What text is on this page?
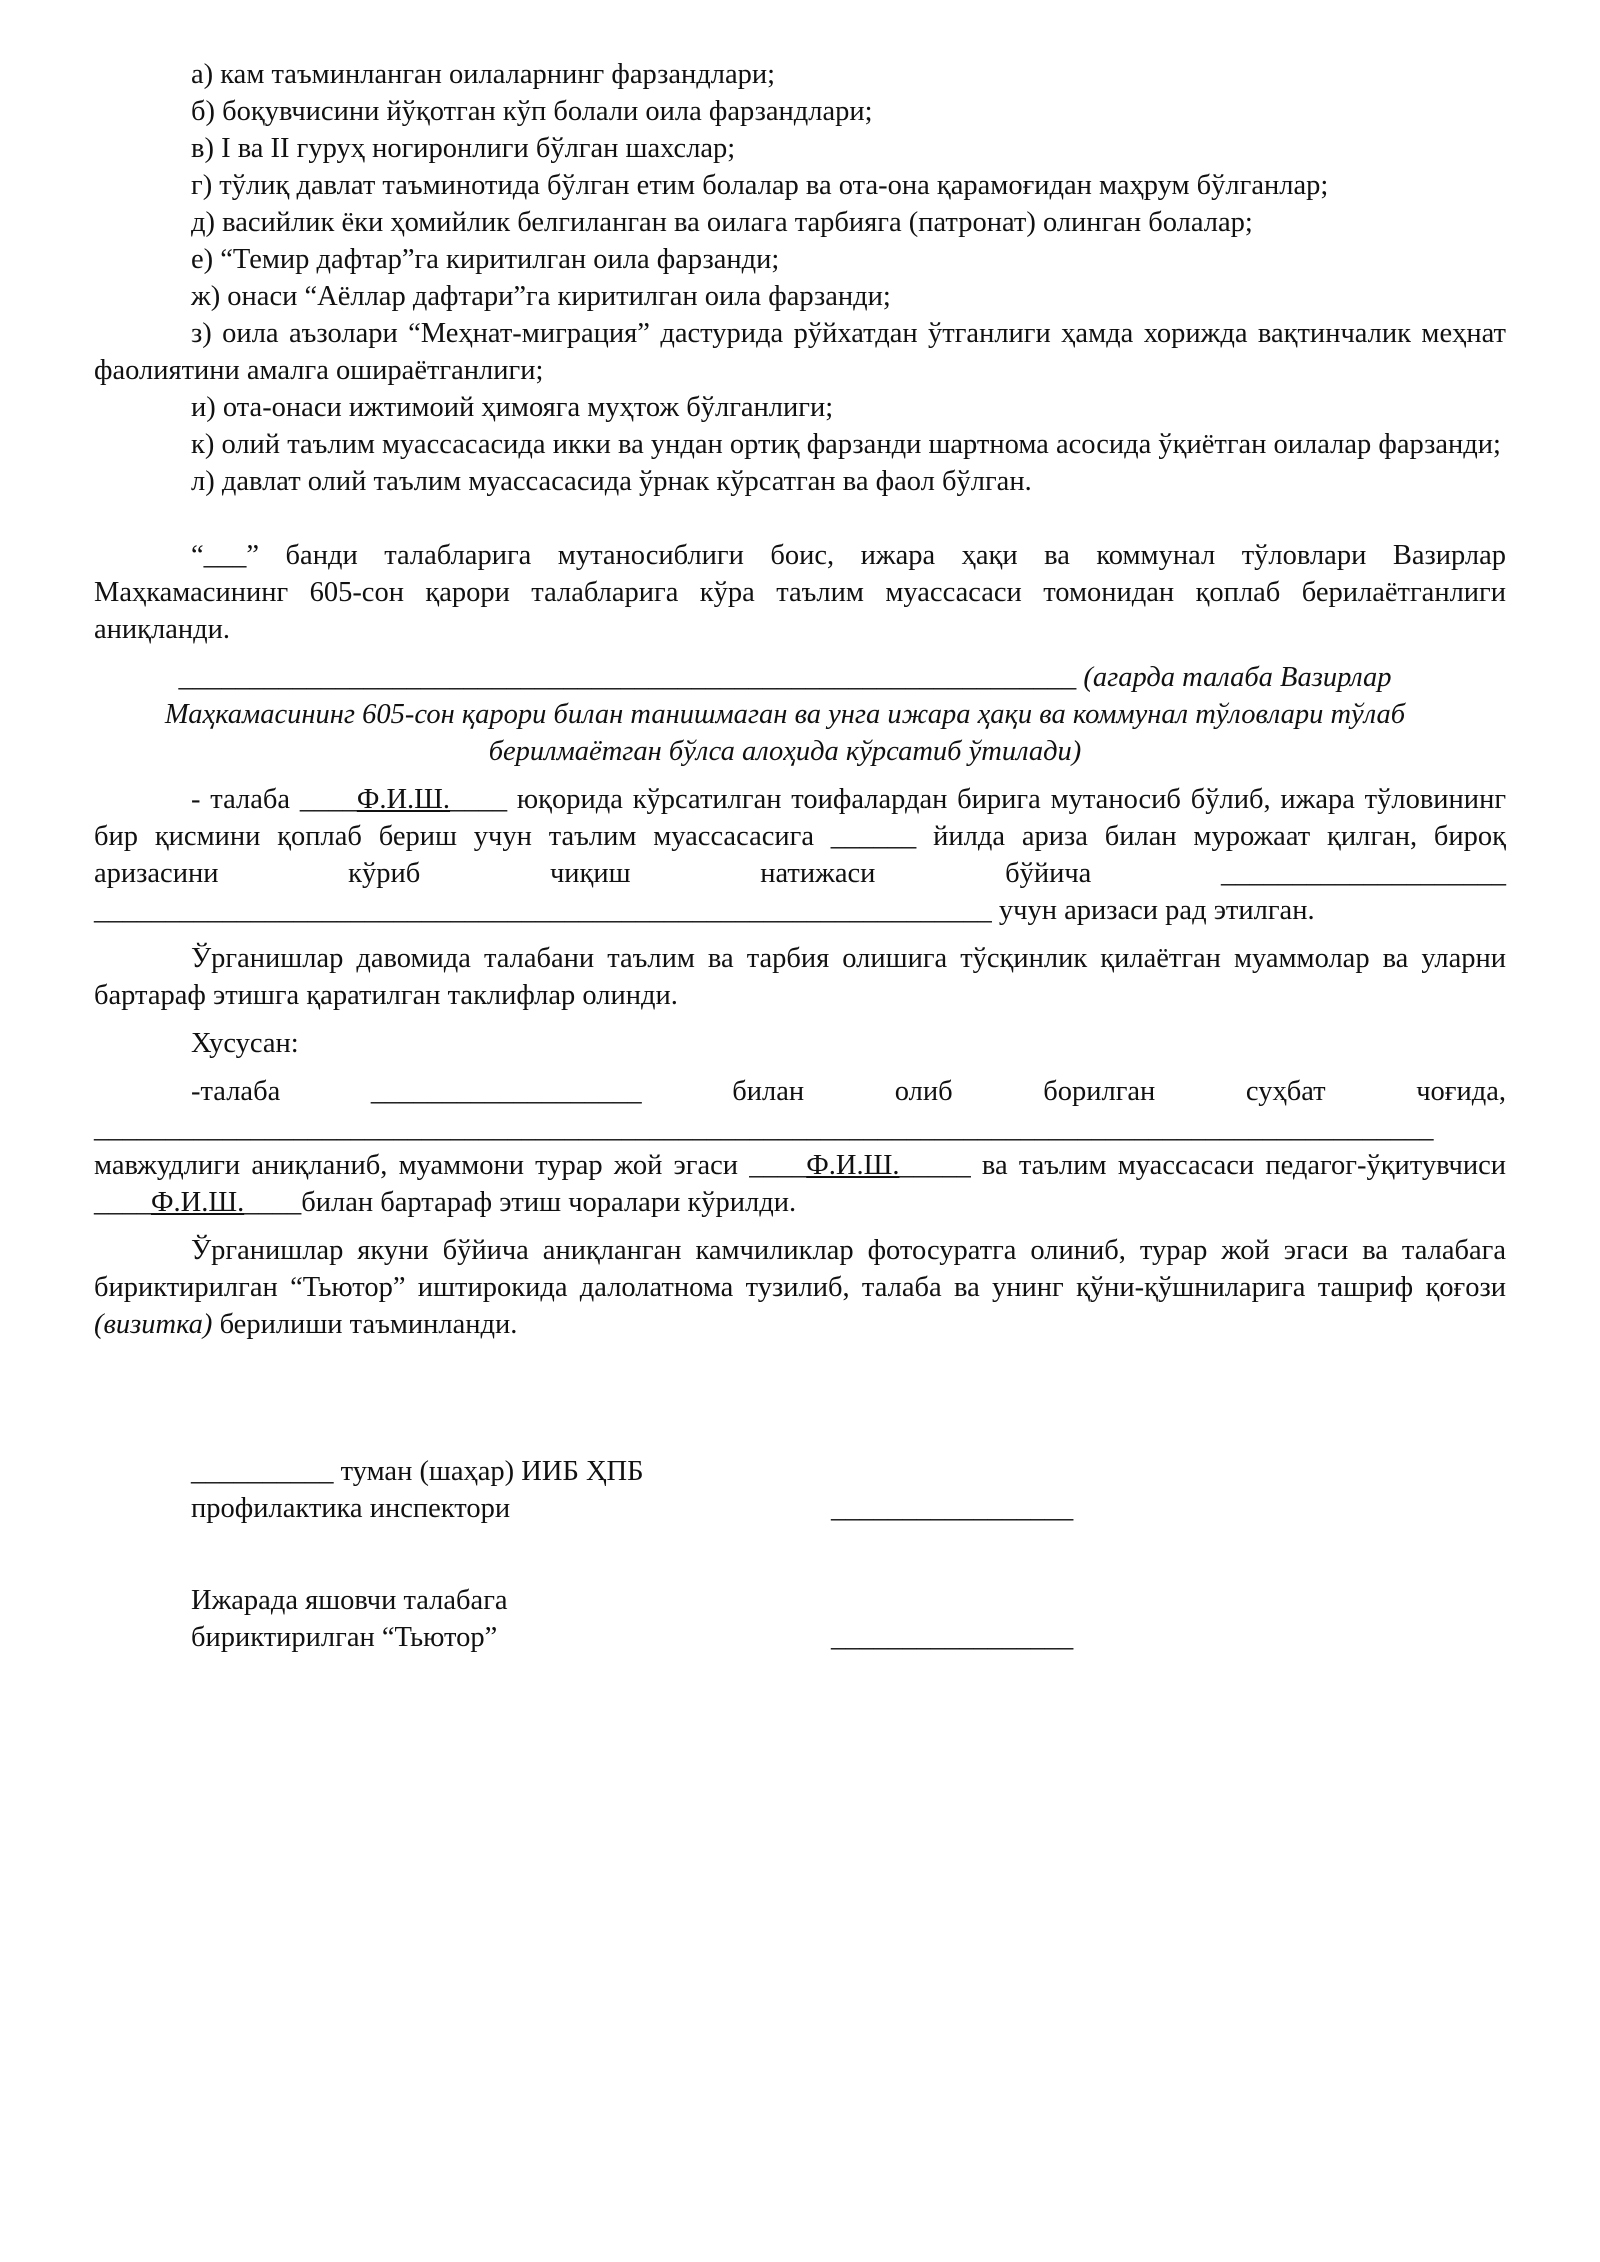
а) кам таъминланган оилаларнинг фарзандлари;

б) боқувчисини йўқотган кўп болали оила фарзандлари;

в) I ва II гуруҳ ногиронлиги бўлган шахслар;

г) тўлиқ давлат таъминотида бўлган етим болалар ва ота-она қарамоғидан маҳрум бўлганлар;

д) васийлик ёки ҳомийлик белгиланган ва оилага тарбияга (патронат) олинган болалар;

е) “Темир дафтар”га киритилган оила фарзанди;

ж) онаси “Аёллар дафтари”га киритилган оила фарзанди;

з) оила аъзолари “Меҳнат-миграция” дастурида рўйхатдан ўтганлиги ҳамда хорижда вақтинчалик меҳнат фаолиятини амалга ошираётганлиги;

и) ота-онаси ижтимоий ҳимояга муҳтож бўлганлиги;

к) олий таълим муассасасида икки ва ундан ортиқ фарзанди шартнома асосида ўқиётган оилалар фарзанди;

л) давлат олий таълим муассасасида ўрнак кўрсатган ва фаол бўлган.

“___” банди талабларига мутаносиблиги боис, ижара ҳақи ва коммунал тўловлари Вазирлар Маҳкамасининг 605-сон қарори талабларига кўра таълим муассасаси томонидан қоплаб берилаётганлиги аниқланди.

_______________________________________________________________ (агарда талаба Вазирлар Маҳкамасининг 605-сон қарори билан танишмаган ва унга ижара ҳақи ва коммунал тўловлари тўлаб берилмаётган бўлса алоҳида кўрсатиб ўтилади)

- талаба ____Ф.И.Ш.____ юқорида кўрсатилган тоифалардан бирига мутаносиб бўлиб, ижара тўловининг бир қисмини қоплаб бериш учун таълим муассасасига ______ йилда ариза билан мурожаат қилган, бироқ аризасини кўриб чиқиш натижаси бўйича ____________________ _______________________________________________________________ учун аризаси рад этилган.

Ўрганишлар давомида талабани таълим ва тарбия олишига тўсқинлик қилаётган муаммолар ва уларни бартараф этишга қаратилган таклифлар олинди.

Хусусан:

-талаба ___________________ билан олиб борилган суҳбат чоғида, ______________________________________________________________________________________________ мавжудлиги аниқланиб, муаммони турар жой эгаси ____Ф.И.Ш._____ ва таълим муассасаси педагог-ўқитувчиси ____Ф.И.Ш.____билан бартараф этиш чоралари кўрилди.

Ўрганишлар якуни бўйича аниқланган камчиликлар фотосуратга олиниб, турар жой эгаси ва талабага бириктирилган “Тьютор” иштирокида далолатнома тузилиб, талаба ва унинг қўни-қўшниларига ташриф қоғози (визитка) берилиши таъминланди.

__________ туман (шаҳар) ИИБ ҲПБ
профилактика инспектори	_________________
Ижарада яшовчи талабага
бириктирилган “Тьютор”	_________________
